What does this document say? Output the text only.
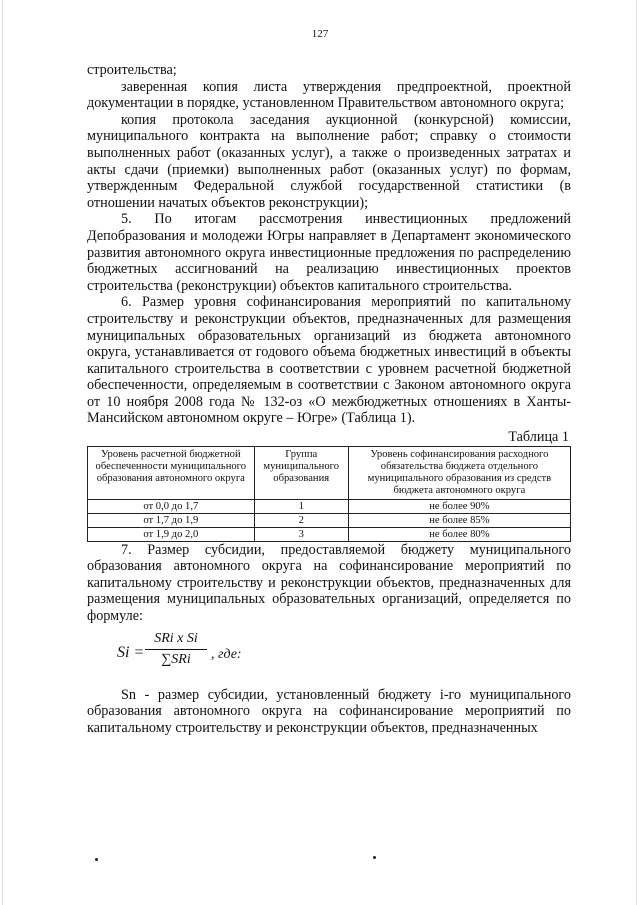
127

строительства;

заверенная копия листа утверждения предпроектной, проектной документации в порядке, установленном Правительством автономного округа;

копия протокола заседания аукционной (конкурсной) комиссии, муниципального контракта на выполнение работ; справку о стоимости выполненных работ (оказанных услуг), а также о произведенных затратах и акты сдачи (приемки) выполненных работ (оказанных услуг) по формам, утвержденным Федеральной службой государственной статистики (в отношении начатых объектов реконструкции);

5. По итогам рассмотрения инвестиционных предложений Депобразования и молодежи Югры направляет в Департамент экономического развития автономного округа инвестиционные предложения по распределению бюджетных ассигнований на реализацию инвестиционных проектов строительства (реконструкции) объектов капитального строительства.

6. Размер уровня софинансирования мероприятий по капитальному строительству и реконструкции объектов, предназначенных для размещения муниципальных образовательных организаций из бюджета автономного округа, устанавливается от годового объема бюджетных инвестиций в объекты капитального строительства в соответствии с уровнем расчетной бюджетной обеспеченности, определяемым в соответствии с Законом автономного округа от 10 ноября 2008 года № 132-оз «О межбюджетных отношениях в Ханты-Мансийском автономном округе – Югре» (Таблица 1).

Таблица 1
Уровень расчетной бюджетной обеспеченности муниципального образования автономного округа	Группа муниципального образования	Уровень софинансирования расходного обязательства бюджета отдельного муниципального образования из средств бюджета автономного округа
от 0,0 до 1,7	1	не более 90%
от 1,7 до 1,9	2	не более 85%
от 1,9 до 2,0	3	не более 80%

7. Размер субсидии, предоставляемой бюджету муниципального образования автономного округа на софинансирование мероприятий по капитальному строительству и реконструкции объектов, предназначенных для размещения муниципальных образовательных организаций, определяется по формуле:

Si =
SRi x Si
∑SRi	, где:

Sn - размер субсидии, установленный бюджету i-го муниципального образования автономного округа на софинансирование мероприятий по капитальному строительству и реконструкции объектов, предназначенных
